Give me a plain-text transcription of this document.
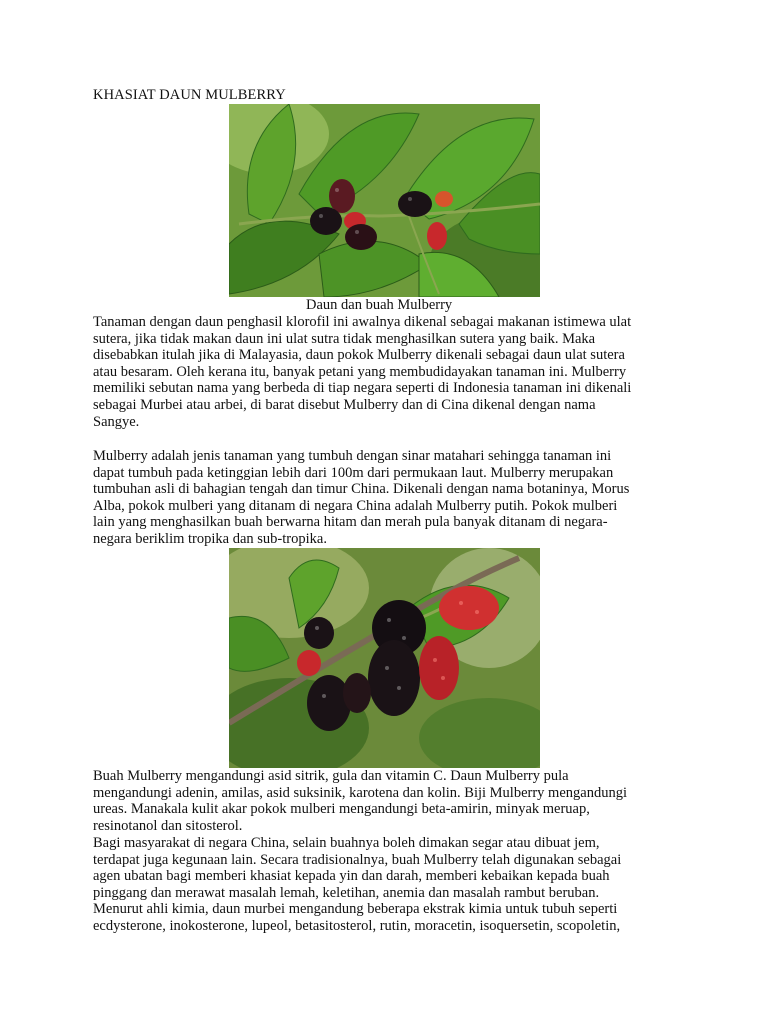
KHASIAT DAUN MULBERRY
Daun dan buah Mulberry
Tanaman dengan daun penghasil klorofil ini awalnya dikenal sebagai makanan istimewa ulat
sutera, jika tidak makan daun ini ulat sutra tidak menghasilkan sutera yang baik. Maka
disebabkan itulah jika di Malayasia, daun pokok Mulberry dikenali sebagai daun ulat sutera
atau besaram. Oleh kerana itu, banyak petani yang membudidayakan tanaman ini. Mulberry
memiliki sebutan nama yang berbeda di tiap negara seperti di Indonesia tanaman ini dikenali
sebagai Murbei atau arbei, di barat disebut Mulberry dan di Cina dikenal dengan nama
Sangye.
Mulberry adalah jenis tanaman yang tumbuh dengan sinar matahari sehingga tanaman ini
dapat tumbuh pada ketinggian lebih dari 100m dari permukaan laut. Mulberry merupakan
tumbuhan asli di bahagian tengah dan timur China. Dikenali dengan nama botaninya, Morus
Alba, pokok mulberi yang ditanam di negara China adalah Mulberry putih. Pokok mulberi
lain yang menghasilkan buah berwarna hitam dan merah pula banyak ditanam di negara-
negara beriklim tropika dan sub-tropika.
Buah Mulberry mengandungi asid sitrik, gula dan vitamin C. Daun Mulberry pula
mengandungi adenin, amilas, asid suksinik, karotena dan kolin. Biji Mulberry mengandungi
ureas. Manakala kulit akar pokok mulberi mengandungi beta-amirin, minyak meruap,
resinotanol dan sitosterol.
Bagi masyarakat di negara China, selain buahnya boleh dimakan segar atau dibuat jem,
terdapat juga kegunaan lain. Secara tradisionalnya, buah Mulberry telah digunakan sebagai
agen ubatan bagi memberi khasiat kepada yin dan darah, memberi kebaikan kepada buah
pinggang dan merawat masalah lemah, keletihan, anemia dan masalah rambut beruban.
Menurut ahli kimia, daun murbei mengandung beberapa ekstrak kimia untuk tubuh seperti
ecdysterone, inokosterone, lupeol, betasitosterol, rutin, moracetin, isoquersetin, scopoletin,
